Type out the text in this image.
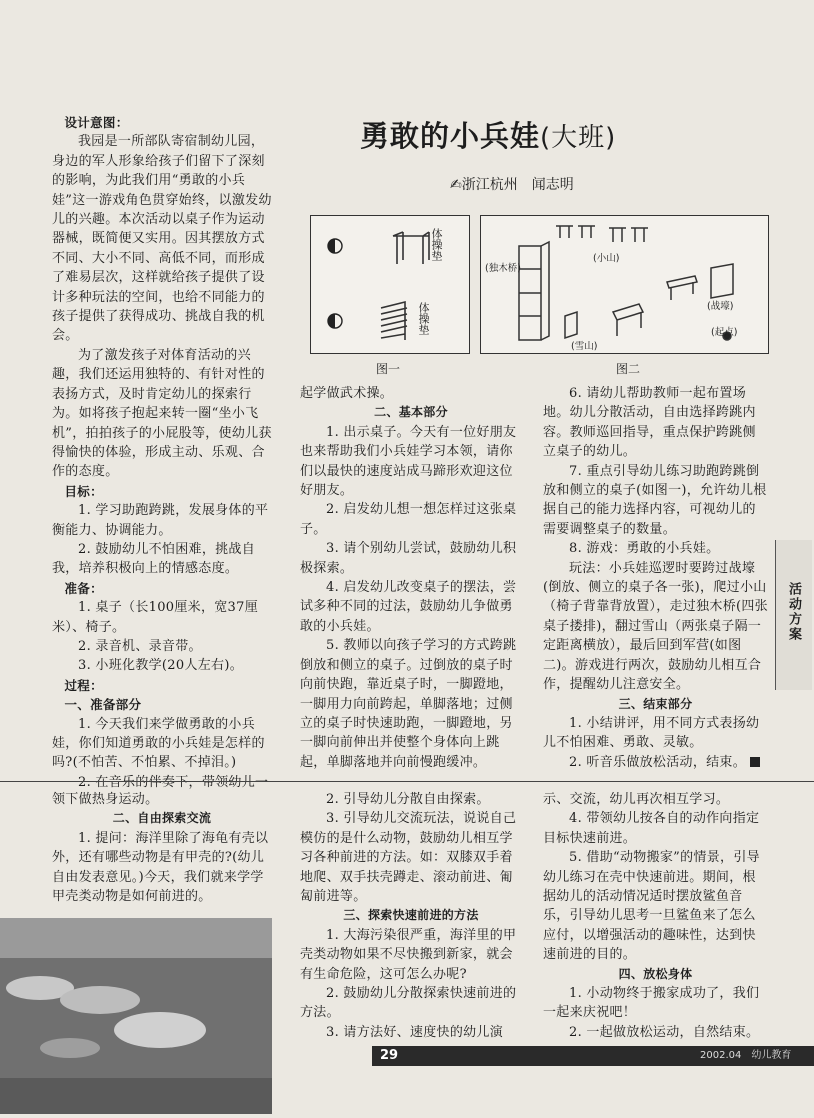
勇敢的小兵娃(大班)
✍浙江杭州　闻志明

设计意图：

我园是一所部队寄宿制幼儿园，身边的军人形象给孩子们留下了深刻的影响，为此我们用“勇敢的小兵娃”这一游戏角色贯穿始终，以激发幼儿的兴趣。本次活动以桌子作为运动器械，既简便又实用。因其摆放方式不同、大小不同、高低不同，而形成了难易层次，这样就给孩子提供了设计多种玩法的空间，也给不同能力的孩子提供了获得成功、挑战自我的机会。

为了激发孩子对体育活动的兴趣，我们还运用独特的、有针对性的表扬方式，及时肯定幼儿的探索行为。如将孩子抱起来转一圈“坐小飞机”，拍拍孩子的小屁股等，使幼儿获得愉快的体验，形成主动、乐观、合作的态度。

目标：

1. 学习助跑跨跳，发展身体的平衡能力、协调能力。

2. 鼓励幼儿不怕困难，挑战自我，培养积极向上的情感态度。

准备：

1. 桌子（长100厘米，宽37厘米）、椅子。

2. 录音机、录音带。

3. 小班化教学(20人左右)。

过程：

一、准备部分

1. 今天我们来学做勇敢的小兵娃，你们知道勇敢的小兵娃是怎样的吗?(不怕苦、不怕累、不掉泪。)

2. 在音乐的伴奏下，带领幼儿一

体操垫
体操垫
图一
(独木桥)
(小山)
(雪山)
(战壕)
(起点)
图二

起学做武术操。

二、基本部分

1. 出示桌子。今天有一位好朋友也来帮助我们小兵娃学习本领，请你们以最快的速度站成马蹄形欢迎这位好朋友。

2. 启发幼儿想一想怎样过这张桌子。

3. 请个别幼儿尝试，鼓励幼儿积极探索。

4. 启发幼儿改变桌子的摆法，尝试多种不同的过法，鼓励幼儿争做勇敢的小兵娃。

5. 教师以向孩子学习的方式跨跳倒放和侧立的桌子。过倒放的桌子时向前快跑，靠近桌子时，一脚蹬地，一脚用力向前跨起，单脚落地；过侧立的桌子时快速助跑，一脚蹬地，另一脚向前伸出并使整个身体向上跳起，单脚落地并向前慢跑缓冲。

6. 请幼儿帮助教师一起布置场地。幼儿分散活动，自由选择跨跳内容。教师巡回指导，重点保护跨跳侧立桌子的幼儿。

7. 重点引导幼儿练习助跑跨跳倒放和侧立的桌子(如图一)，允许幼儿根据自己的能力选择内容，可视幼儿的需要调整桌子的数量。

8. 游戏：勇敢的小兵娃。

玩法：小兵娃巡逻时要跨过战壕(倒放、侧立的桌子各一张)，爬过小山（椅子背靠背放置），走过独木桥(四张桌子搂排)，翻过雪山（两张桌子隔一定距离横放），最后回到军营(如图二)。游戏进行两次，鼓励幼儿相互合作，提醒幼儿注意安全。

三、结束部分

1. 小结讲评，用不同方式表扬幼儿不怕困难、勇敢、灵敏。

2. 听音乐做放松活动，结束。

活动方案

领下做热身运动。

二、自由探索交流

1. 提问：海洋里除了海龟有壳以外，还有哪些动物是有甲壳的?(幼儿自由发表意见。)今天，我们就来学学甲壳类动物是如何前进的。

2. 引导幼儿分散自由探索。

3. 引导幼儿交流玩法，说说自己模仿的是什么动物，鼓励幼儿相互学习各种前进的方法。如：双膝双手着地爬、双手扶壳蹲走、滚动前进、匍匐前进等。

三、探索快速前进的方法

1. 大海污染很严重，海洋里的甲壳类动物如果不尽快搬到新家，就会有生命危险，这可怎么办呢?

2. 鼓励幼儿分散探索快速前进的方法。

3. 请方法好、速度快的幼儿演

示、交流，幼儿再次相互学习。

4. 带领幼儿按各自的动作向指定目标快速前进。

5. 借助“动物搬家”的情景，引导幼儿练习在壳中快速前进。期间，根据幼儿的活动情况适时摆放鲨鱼音乐，引导幼儿思考一旦鲨鱼来了怎么应付，以增强活动的趣味性，达到快速前进的目的。

四、放松身体

1. 小动物终于搬家成功了，我们一起来庆祝吧！

2. 一起做放松运动，自然结束。

29	2002.04　幼儿教育
